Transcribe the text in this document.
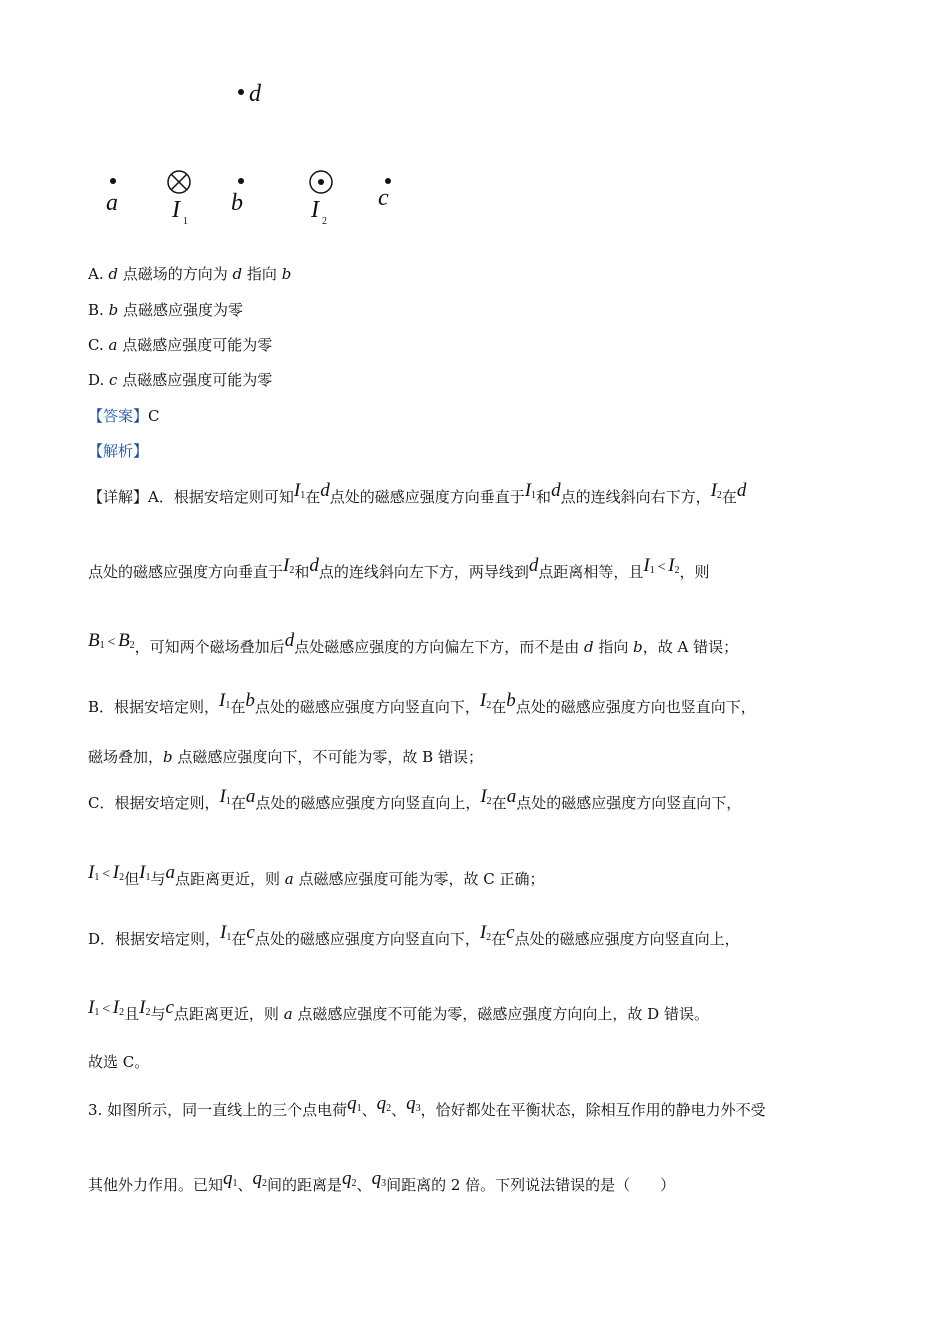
d
a I 1
b	I 2
c
A. d 点磁场的方向为 d 指向 b
B. b 点磁感应强度为零
C. a 点磁感应强度可能为零
D. c 点磁感应强度可能为零
【答案】C
【解析】
【详解】A．根据安培定则可知$I_1$在d点处的磁感应强度方向垂直于$I_1$和d点的连线斜向右下方，$I_2$在d
点处的磁感应强度方向垂直于$I_2$和d点的连线斜向左下方，两导线到d点距离相等，且$I_1 < I_2$，则
$B_1 < B_2$，可知两个磁场叠加后d点处磁感应强度的方向偏左下方，而不是由 d 指向 b，故 A 错误；
B．根据安培定则，$I_1$在b点处的磁感应强度方向竖直向下，$I_2$在b点处的磁感应强度方向也竖直向下，
磁场叠加，b 点磁感应强度向下，不可能为零，故 B 错误；
C．根据安培定则，$I_1$在a点处的磁感应强度方向竖直向上，$I_2$在a点处的磁感应强度方向竖直向下，
$I_1 < I_2$但$I_1$与a点距离更近，则 a 点磁感应强度可能为零，故 C 正确；
D．根据安培定则，$I_1$在c点处的磁感应强度方向竖直向下，$I_2$在c点处的磁感应强度方向竖直向上，
$I_1 < I_2$且$I_2$与c点距离更近，则 a 点磁感应强度不可能为零，磁感应强度方向向上，故 D 错误。
故选 C。
3. 如图所示，同一直线上的三个点电荷$q_1$、$q_2$、$q_3$，恰好都处在平衡状态，除相互作用的静电力外不受
其他外力作用。已知$q_1$、$q_2$间的距离是$q_2$、$q_3$间距离的 2 倍。下列说法错误的是（　　）
